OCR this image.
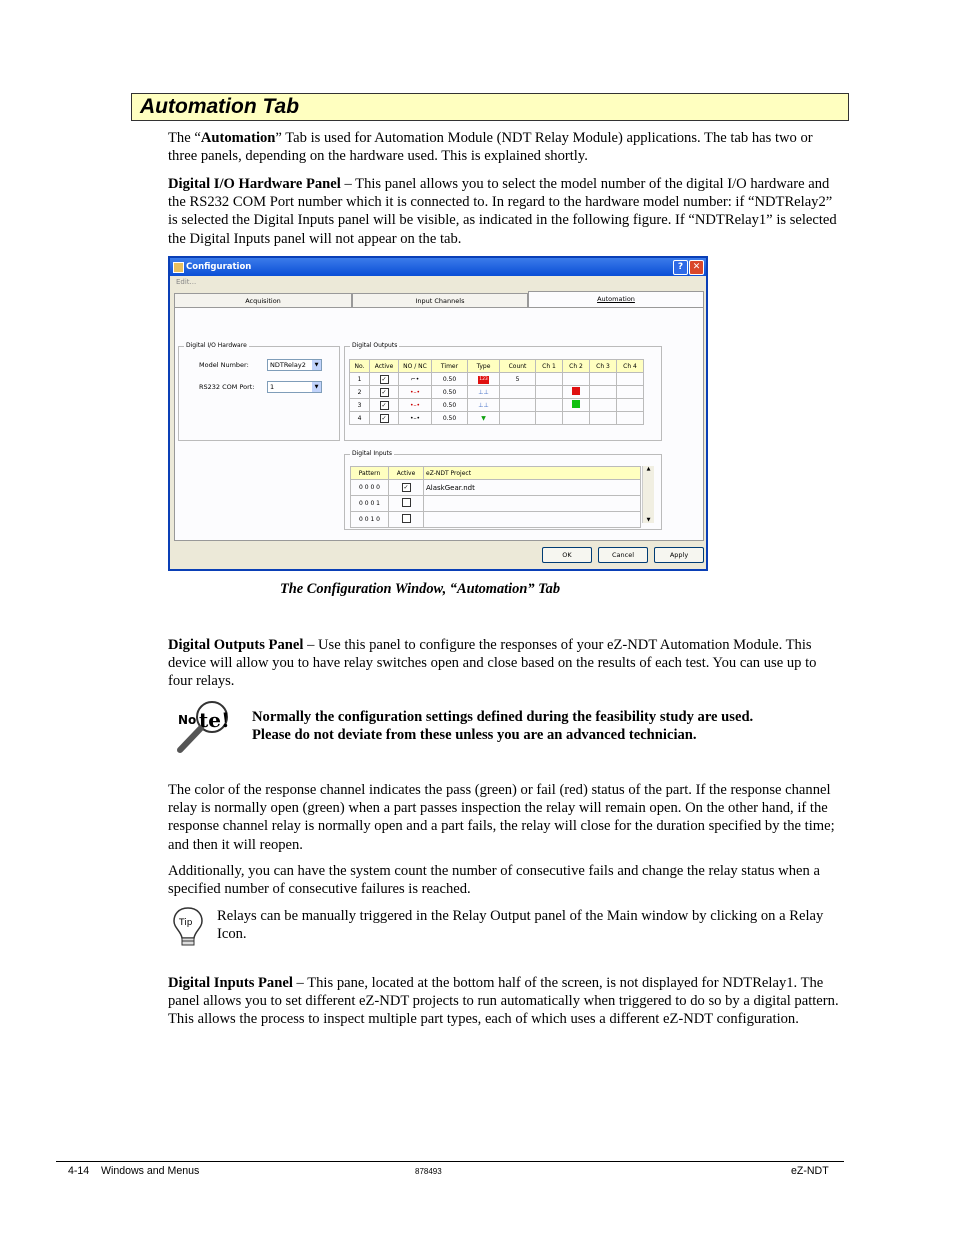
Automation Tab

The “Automation” Tab is used for Automation Module (NDT Relay Module) applications. The tab has two or three panels, depending on the hardware used. This is explained shortly.

Digital I/O Hardware Panel – This panel allows you to select the model number of the digital I/O hardware and the RS232 COM Port number which it is connected to. In regard to the hardware model number: if “NDTRelay2” is selected the Digital Inputs panel will be visible, as indicated in the following figure. If “NDTRelay1” is selected the Digital Inputs panel will not appear on the tab.

Configuration	?	✕
Edit...
Acquisition	Input Channels	Automation
Digital I/O Hardware
Model Number:	NDTRelay2	▼
RS232 COM Port:	1	▼
Digital Outputs
No.	Active	NO / NC	Timer	Type	Count	Ch 1	Ch 2	Ch 3	Ch 4
1	✓	⌐•	0.50	123	5				
2	✓	•–•	0.50	⊥⊥					
3	✓	•–•	0.50	⊥⊥					
4	✓	•–•	0.50	▼					
Digital Inputs
Pattern	Active	eZ-NDT Project
0 0 0 0	✓	AlaskGear.ndt
0 0 0 1		
0 0 1 0		
▲
▼
OK	Cancel	Apply

The Configuration Window, “Automation” Tab

Digital Outputs Panel – Use this panel to configure the responses of your eZ-NDT Automation Module. This device will allow you to have relay switches open and close based on the results of each test. You can use up to four relays.

No te! Normally the configuration settings defined during the feasibility study are used.
Please do not deviate from these unless you are an advanced technician.

The color of the response channel indicates the pass (green) or fail (red) status of the part. If the response channel relay is normally open (green) when a part passes inspection the relay will remain open. On the other hand, if the response channel relay is normally open and a part fails, the relay will close for the duration specified by the time; and then it will reopen.

Additionally, you can have the system count the number of consecutive fails and change the relay status when a specified number of consecutive failures is reached.

Tip Relays can be manually triggered in the Relay Output panel of the Main window by clicking on a Relay Icon.

Digital Inputs Panel – This pane, located at the bottom half of the screen, is not displayed for NDTRelay1. The panel allows you to set different eZ-NDT projects to run automatically when triggered to do so by a digital pattern. This allows the process to inspect multiple part types, each of which uses a different eZ-NDT configuration.

4-14    Windows and Menus	878493	eZ-NDT
